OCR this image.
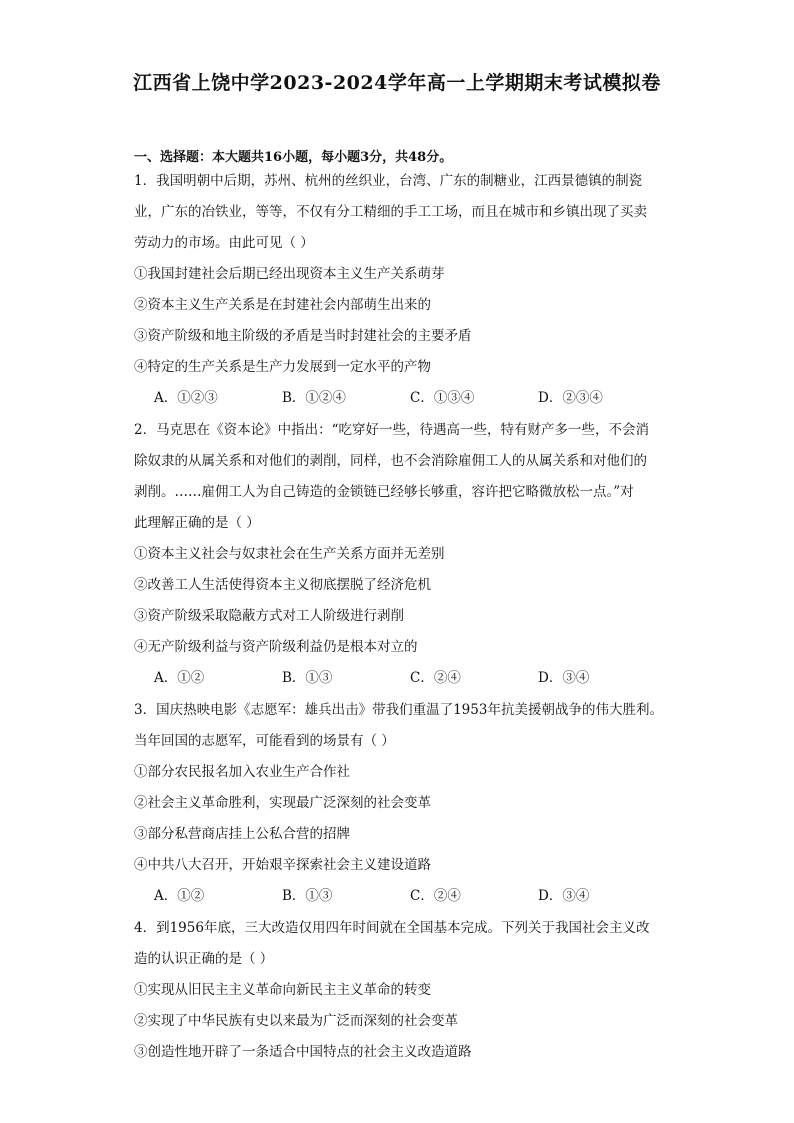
江西省上饶中学2023-2024学年高一上学期期末考试模拟卷
一、选择题：本大题共16小题，每小题3分，共48分。
1．我国明朝中后期，苏州、杭州的丝织业，台湾、广东的制糖业，江西景德镇的制瓷
业，广东的冶铁业，等等，不仅有分工精细的手工工场，而且在城市和乡镇出现了买卖
劳动力的市场。由此可见（ ）
①我国封建社会后期已经出现资本主义生产关系萌芽
②资本主义生产关系是在封建社会内部萌生出来的
③资产阶级和地主阶级的矛盾是当时封建社会的主要矛盾
④特定的生产关系是生产力发展到一定水平的产物
A．①②③	B．①②④	C．①③④	D．②③④
2．马克思在《资本论》中指出：“吃穿好一些，待遇高一些，特有财产多一些，不会消
除奴隶的从属关系和对他们的剥削，同样，也不会消除雇佣工人的从属关系和对他们的
剥削。……雇佣工人为自己铸造的金锁链已经够长够重，容许把它略微放松一点。”对
此理解正确的是（ ）
①资本主义社会与奴隶社会在生产关系方面并无差别
②改善工人生活使得资本主义彻底摆脱了经济危机
③资产阶级采取隐蔽方式对工人阶级进行剥削
④无产阶级利益与资产阶级利益仍是根本对立的
A．①②	B．①③	C．②④	D．③④
3．国庆热映电影《志愿军：雄兵出击》带我们重温了1953年抗美援朝战争的伟大胜利。
当年回国的志愿军，可能看到的场景有（ ）
①部分农民报名加入农业生产合作社
②社会主义革命胜利，实现最广泛深刻的社会变革
③部分私营商店挂上公私合营的招牌
④中共八大召开，开始艰辛探索社会主义建设道路
A．①②	B．①③	C．②④	D．③④
4．到1956年底，三大改造仅用四年时间就在全国基本完成。下列关于我国社会主义改
造的认识正确的是（ ）
①实现从旧民主主义革命向新民主主义革命的转变
②实现了中华民族有史以来最为广泛而深刻的社会变革
③创造性地开辟了一条适合中国特点的社会主义改造道路
